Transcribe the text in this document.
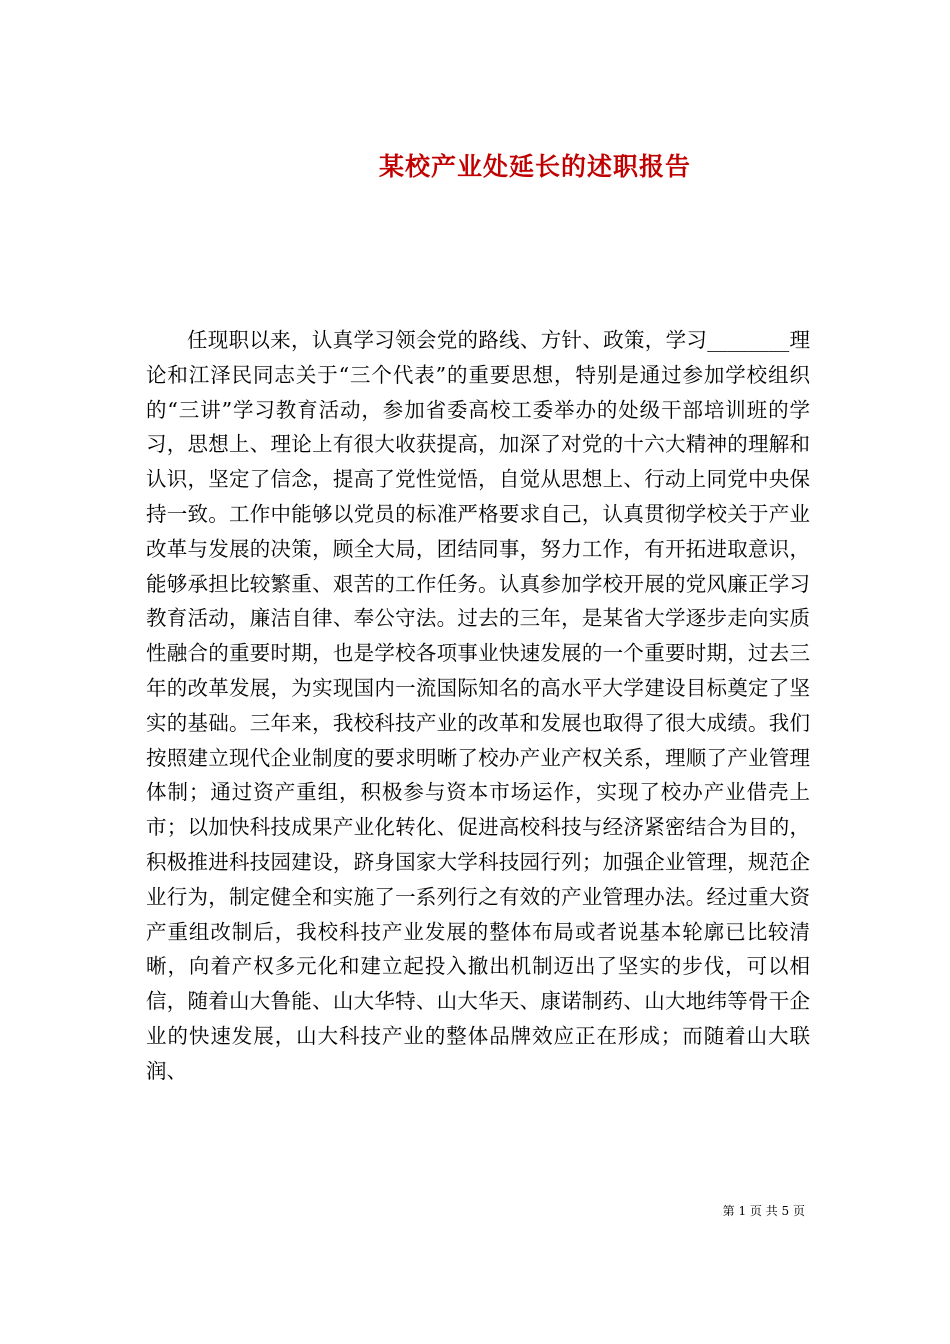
某校产业处延长的述职报告

任现职以来，认真学习领会党的路线、方针、政策，学习________理论和江泽民同志关于“三个代表”的重要思想，特别是通过参加学校组织的“三讲”学习教育活动，参加省委高校工委举办的处级干部培训班的学习，思想上、理论上有很大收获提高，加深了对党的十六大精神的理解和认识，坚定了信念，提高了党性觉悟，自觉从思想上、行动上同党中央保持一致。工作中能够以党员的标准严格要求自己，认真贯彻学校关于产业改革与发展的决策，顾全大局，团结同事，努力工作，有开拓进取意识，能够承担比较繁重、艰苦的工作任务。认真参加学校开展的党风廉正学习教育活动，廉洁自律、奉公守法。过去的三年，是某省大学逐步走向实质性融合的重要时期，也是学校各项事业快速发展的一个重要时期，过去三年的改革发展，为实现国内一流国际知名的高水平大学建设目标奠定了坚实的基础。三年来，我校科技产业的改革和发展也取得了很大成绩。我们按照建立现代企业制度的要求明晰了校办产业产权关系，理顺了产业管理体制；通过资产重组，积极参与资本市场运作，实现了校办产业借壳上市；以加快科技成果产业化转化、促进高校科技与经济紧密结合为目的，积极推进科技园建设，跻身国家大学科技园行列；加强企业管理，规范企业行为，制定健全和实施了一系列行之有效的产业管理办法。经过重大资产重组改制后，我校科技产业发展的整体布局或者说基本轮廓已比较清晰，向着产权多元化和建立起投入撤出机制迈出了坚实的步伐，可以相信，随着山大鲁能、山大华特、山大华天、康诺制药、山大地纬等骨干企业的快速发展，山大科技产业的整体品牌效应正在形成；而随着山大联润、

第 1 页 共 5 页
